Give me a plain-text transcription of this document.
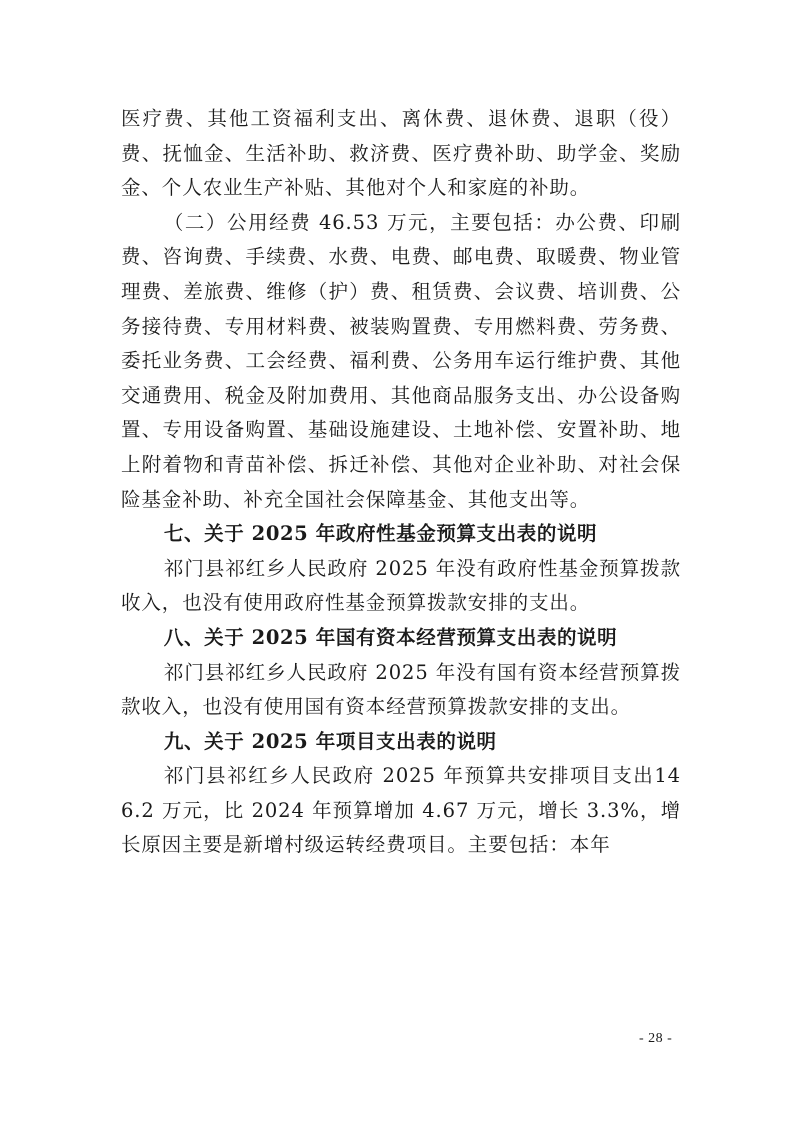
医疗费、其他工资福利支出、离休费、退休费、退职（役）费、抚恤金、生活补助、救济费、医疗费补助、助学金、奖励金、个人农业生产补贴、其他对个人和家庭的补助。

（二）公用经费 46.53 万元，主要包括：办公费、印刷费、咨询费、手续费、水费、电费、邮电费、取暖费、物业管理费、差旅费、维修（护）费、租赁费、会议费、培训费、公务接待费、专用材料费、被装购置费、专用燃料费、劳务费、委托业务费、工会经费、福利费、公务用车运行维护费、其他交通费用、税金及附加费用、其他商品服务支出、办公设备购置、专用设备购置、基础设施建设、土地补偿、安置补助、地上附着物和青苗补偿、拆迁补偿、其他对企业补助、对社会保险基金补助、补充全国社会保障基金、其他支出等。

七、关于 2025 年政府性基金预算支出表的说明

祁门县祁红乡人民政府 2025 年没有政府性基金预算拨款收入，也没有使用政府性基金预算拨款安排的支出。

八、关于 2025 年国有资本经营预算支出表的说明

祁门县祁红乡人民政府 2025 年没有国有资本经营预算拨款收入，也没有使用国有资本经营预算拨款安排的支出。

九、关于 2025 年项目支出表的说明

祁门县祁红乡人民政府 2025 年预算共安排项目支出146.2 万元，比 2024 年预算增加 4.67 万元，增长 3.3%，增长原因主要是新增村级运转经费项目。主要包括：本年

- 28 -
